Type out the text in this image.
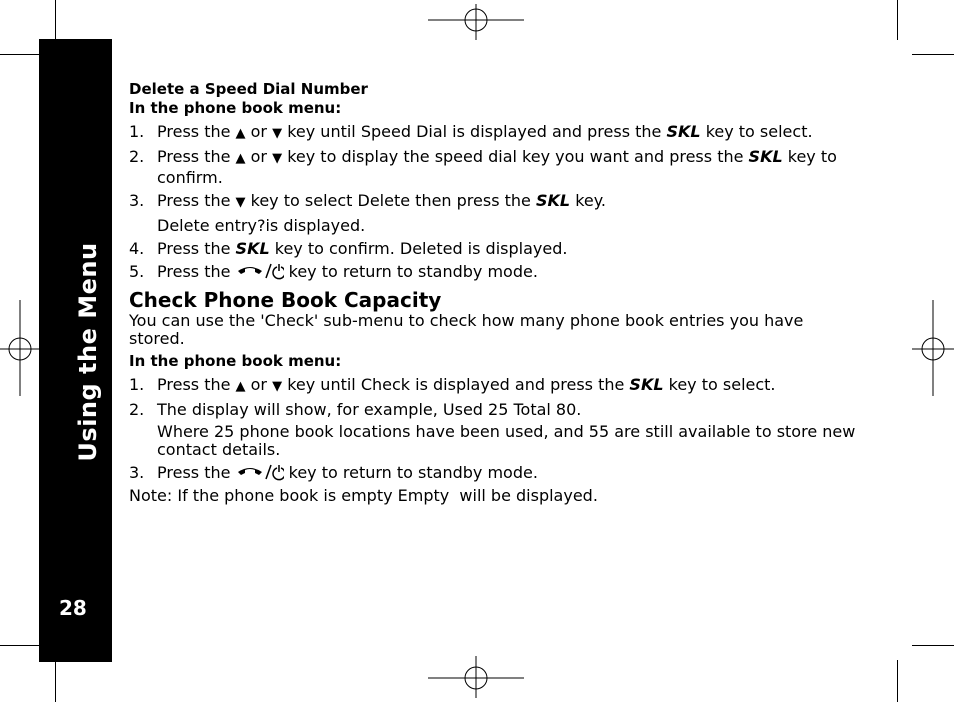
Using the Menu
28
Delete a Speed Dial Number
In the phone book menu:
1. Press the ▲ or ▼ key until Speed Dial is displayed and press the SKL key to select.
2. Press the ▲ or ▼ key to display the speed dial key you want and press the SKL key to confirm.
3. Press the ▼ key to select Delete then press the SKL key.
Delete entry?is displayed.
4. Press the SKL key to confirm. Deleted is displayed.
5. Press the	key to return to standby mode.
Check Phone Book Capacity
You can use the 'Check' sub-menu to check how many phone book entries you have stored.
In the phone book menu:
1. Press the ▲ or ▼ key until Check is displayed and press the SKL key to select.
2. The display will show, for example, Used 25 Total 80.
Where 25 phone book locations have been used, and 55 are still available to store new contact details.
3. Press the	key to return to standby mode.
Note: If the phone book is empty Empty  will be displayed.
